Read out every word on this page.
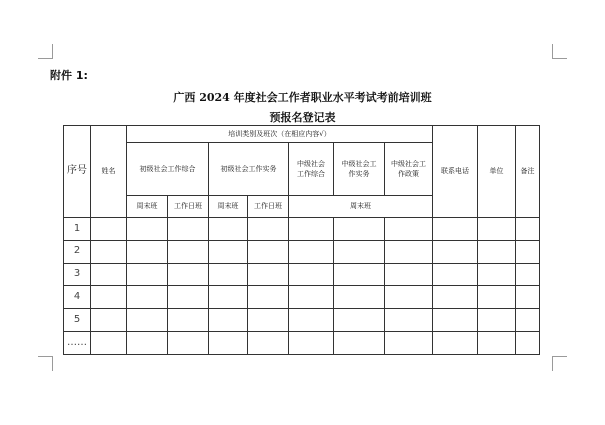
附件 1:
广西 2024 年度社会工作者职业水平考试考前培训班
预报名登记表
序号	姓名	培训类别及班次（在相应内容√）							联系电话	单位	备注
		初级社会工作综合		初级社会工作实务		中级社会工作综合	中级社会工作实务	中级社会工作政策			
		周末班	工作日班	周末班	工作日班	周末班					
1											
2											
3											
4											
5											
……											
